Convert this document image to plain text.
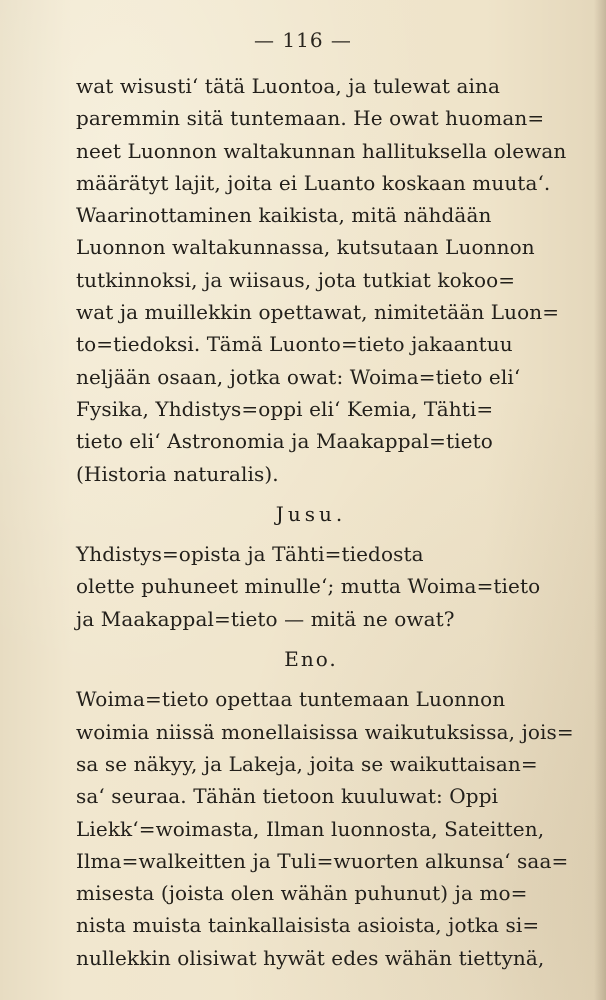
— 116 —
wat wisusti‘ tätä Luontoa, ja tulewat aina
paremmin sitä tuntemaan. He owat huoman=
neet Luonnon waltakunnan hallituksella olewan
määrätyt lajit, joita ei Luanto koskaan muuta‘.
Waarinottaminen kaikista, mitä nähdään
Luonnon waltakunnassa, kutsutaan Luonnon
tutkinnoksi, ja wiisaus, jota tutkiat kokoo=
wat ja muillekkin opettawat, nimitetään Luon=
to=tiedoksi. Tämä Luonto=tieto jakaantuu
neljään osaan, jotka owat: Woima=tieto eli‘
Fysika, Yhdistys=oppi eli‘ Kemia, Tähti=
tieto eli‘ Astronomia ja Maakappal=tieto
(Historia naturalis).
Jusu.
Yhdistys=opista ja Tähti=tiedosta
olette puhuneet minulle‘; mutta Woima=tieto
ja Maakappal=tieto — mitä ne owat?
Eno.
Woima=tieto opettaa tuntemaan Luonnon
woimia niissä monellaisissa waikutuksissa, jois=
sa se näkyy, ja Lakeja, joita se waikuttaisan=
sa‘ seuraa. Tähän tietoon kuuluwat: Oppi
Liekk‘=woimasta, Ilman luonnosta, Sateitten,
Ilma=walkeitten ja Tuli=wuorten alkunsa‘ saa=
misesta (joista olen wähän puhunut) ja mo=
nista muista tainkallaisista asioista, jotka si=
nullekkin olisiwat hywät edes wähän tiettynä,
